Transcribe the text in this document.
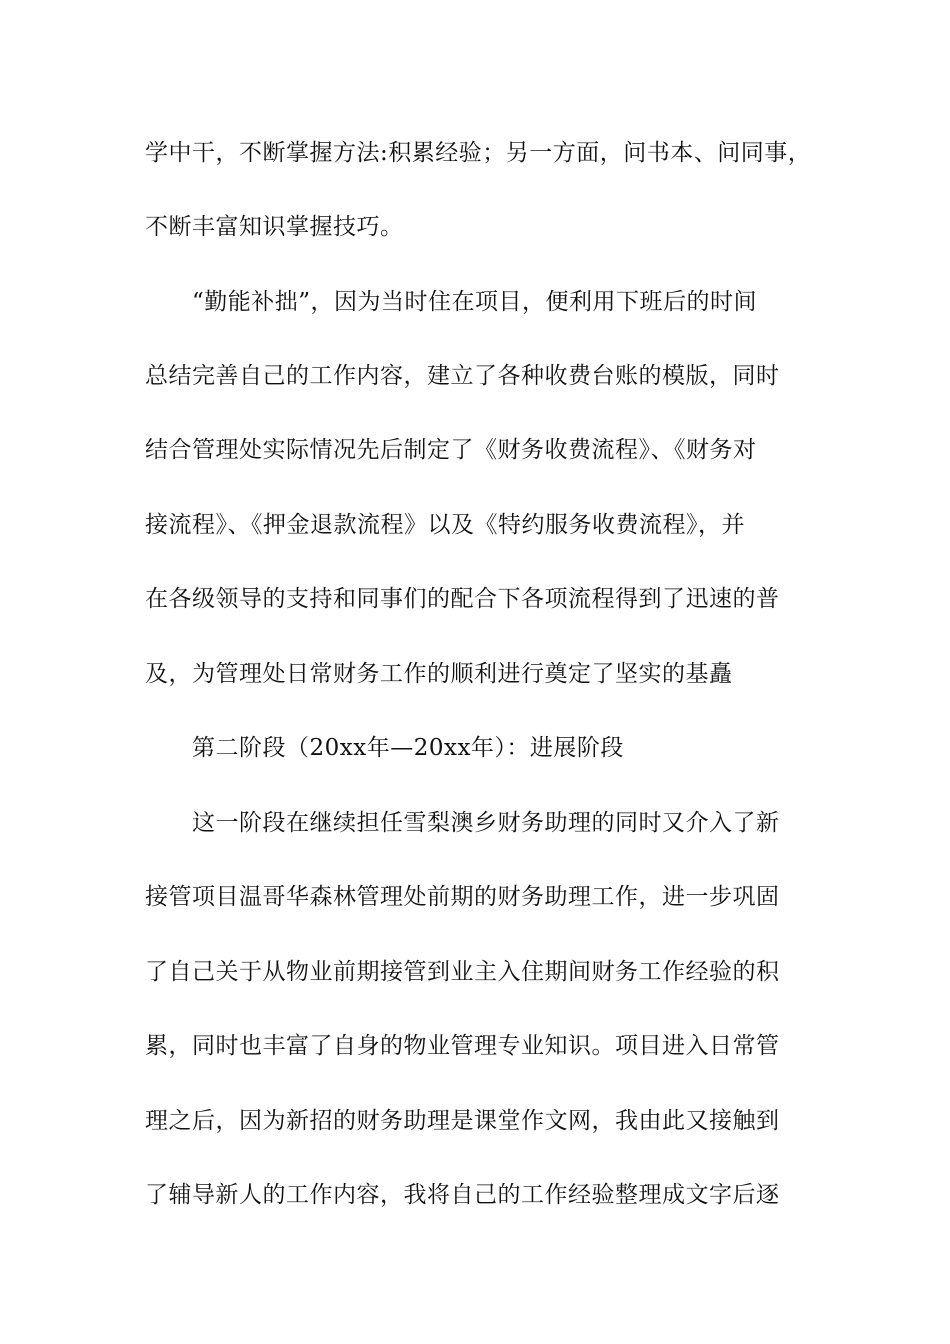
学中干，不断掌握方法:积累经验；另一方面，问书本、问同事，
不断丰富知识掌握技巧。
“勤能补拙”，因为当时住在项目，便利用下班后的时间
总结完善自己的工作内容，建立了各种收费台账的模版，同时
结合管理处实际情况先后制定了《财务收费流程》、《财务对
接流程》、《押金退款流程》以及《特约服务收费流程》，并
在各级领导的支持和同事们的配合下各项流程得到了迅速的普
及，为管理处日常财务工作的顺利进行奠定了坚实的基矗
第二阶段（20xx年—20xx年）：进展阶段
这一阶段在继续担任雪梨澳乡财务助理的同时又介入了新
接管项目温哥华森林管理处前期的财务助理工作，进一步巩固
了自己关于从物业前期接管到业主入住期间财务工作经验的积
累，同时也丰富了自身的物业管理专业知识。项目进入日常管
理之后，因为新招的财务助理是课堂作文网，我由此又接触到
了辅导新人的工作内容，我将自己的工作经验整理成文字后逐
